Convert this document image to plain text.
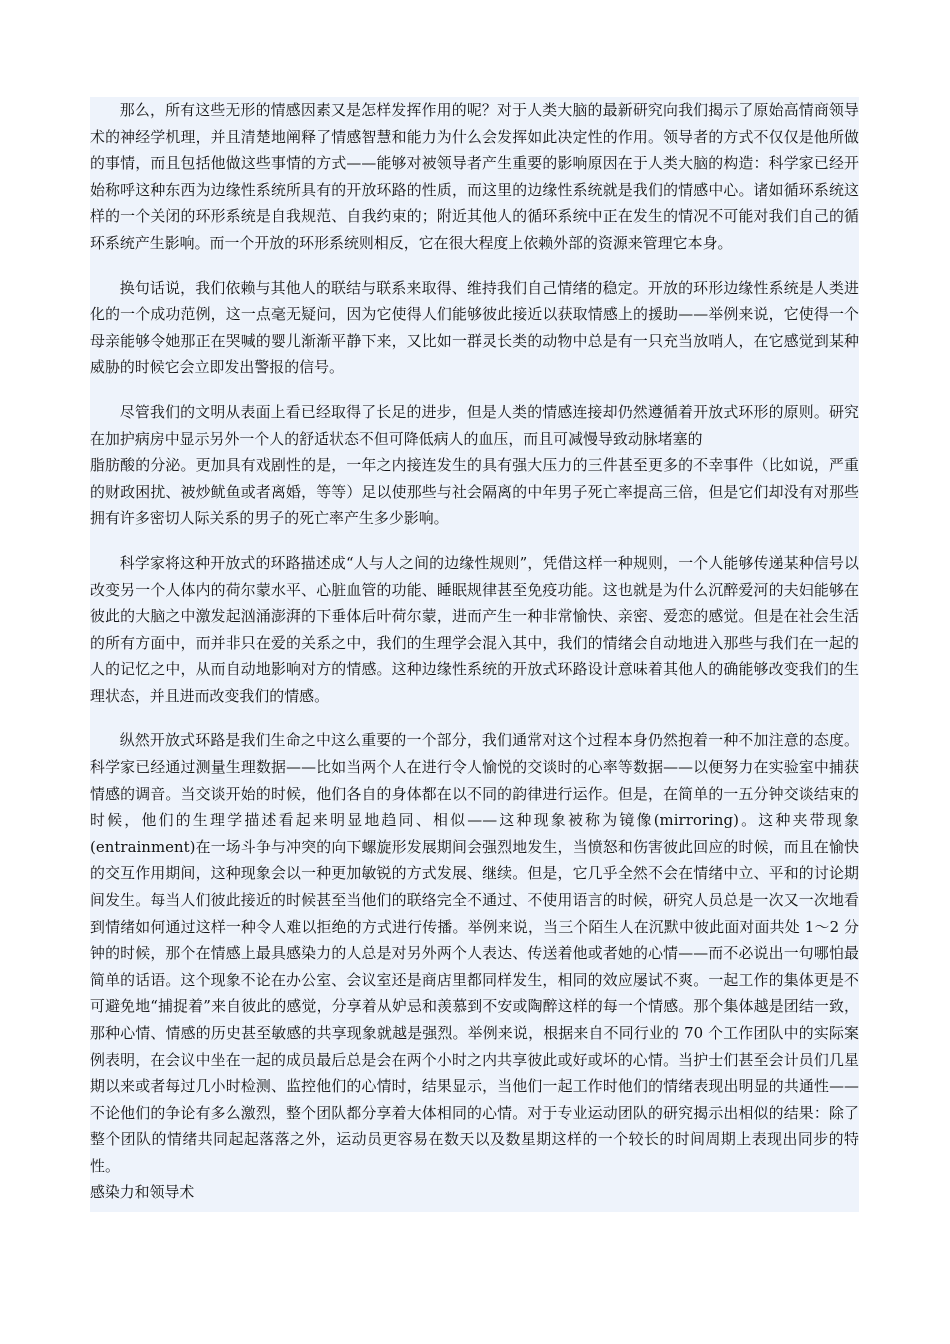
那么，所有这些无形的情感因素又是怎样发挥作用的呢？对于人类大脑的最新研究向我们揭示了原始高情商领导术的神经学机理，并且清楚地阐释了情感智慧和能力为什么会发挥如此决定性的作用。领导者的方式不仅仅是他所做的事情，而且包括他做这些事情的方式——能够对被领导者产生重要的影响原因在于人类大脑的构造：科学家已经开始称呼这种东西为边缘性系统所具有的开放环路的性质，而这里的边缘性系统就是我们的情感中心。诸如循环系统这样的一个关闭的环形系统是自我规范、自我约束的；附近其他人的循环系统中正在发生的情况不可能对我们自己的循环系统产生影响。而一个开放的环形系统则相反，它在很大程度上依赖外部的资源来管理它本身。

换句话说，我们依赖与其他人的联结与联系来取得、维持我们自己情绪的稳定。开放的环形边缘性系统是人类进化的一个成功范例，这一点毫无疑问，因为它使得人们能够彼此接近以获取情感上的援助——举例来说，它使得一个母亲能够令她那正在哭喊的婴儿渐渐平静下来，又比如一群灵长类的动物中总是有一只充当放哨人，在它感觉到某种威胁的时候它会立即发出警报的信号。

尽管我们的文明从表面上看已经取得了长足的进步，但是人类的情感连接却仍然遵循着开放式环形的原则。研究在加护病房中显示另外一个人的舒适状态不但可降低病人的血压，而且可减慢导致动脉堵塞的

脂肪酸的分泌。更加具有戏剧性的是，一年之内接连发生的具有强大压力的三件甚至更多的不幸事件（比如说，严重的财政困扰、被炒鱿鱼或者离婚，等等）足以使那些与社会隔离的中年男子死亡率提高三倍，但是它们却没有对那些拥有许多密切人际关系的男子的死亡率产生多少影响。

科学家将这种开放式的环路描述成“人与人之间的边缘性规则”，凭借这样一种规则，一个人能够传递某种信号以改变另一个人体内的荷尔蒙水平、心脏血管的功能、睡眠规律甚至免疫功能。这也就是为什么沉醉爱河的夫妇能够在彼此的大脑之中激发起汹涌澎湃的下垂体后叶荷尔蒙，进而产生一种非常愉快、亲密、爱恋的感觉。但是在社会生活的所有方面中，而并非只在爱的关系之中，我们的生理学会混入其中，我们的情绪会自动地进入那些与我们在一起的人的记忆之中，从而自动地影响对方的情感。这种边缘性系统的开放式环路设计意味着其他人的确能够改变我们的生理状态，并且进而改变我们的情感。

纵然开放式环路是我们生命之中这么重要的一个部分，我们通常对这个过程本身仍然抱着一种不加注意的态度。科学家已经通过测量生理数据——比如当两个人在进行令人愉悦的交谈时的心率等数据——以便努力在实验室中捕获情感的调音。当交谈开始的时候，他们各自的身体都在以不同的韵律进行运作。但是，在简单的一五分钟交谈结束的时候，他们的生理学描述看起来明显地趋同、相似——这种现象被称为镜像(mirroring)。这种夹带现象(entrainment)在一场斗争与冲突的向下螺旋形发展期间会强烈地发生，当愤怒和伤害彼此回应的时候，而且在愉快的交互作用期间，这种现象会以一种更加敏锐的方式发展、继续。但是，它几乎全然不会在情绪中立、平和的讨论期间发生。每当人们彼此接近的时候甚至当他们的联络完全不通过、不使用语言的时候，研究人员总是一次又一次地看到情绪如何通过这样一种令人难以拒绝的方式进行传播。举例来说，当三个陌生人在沉默中彼此面对面共处 1～2 分钟的时候，那个在情感上最具感染力的人总是对另外两个人表达、传送着他或者她的心情——而不必说出一句哪怕最简单的话语。这个现象不论在办公室、会议室还是商店里都同样发生，相同的效应屡试不爽。一起工作的集体更是不可避免地“捕捉着”来自彼此的感觉，分享着从妒忌和羡慕到不安或陶醉这样的每一个情感。那个集体越是团结一致，那种心情、情感的历史甚至敏感的共享现象就越是强烈。举例来说，根据来自不同行业的 70 个工作团队中的实际案例表明，在会议中坐在一起的成员最后总是会在两个小时之内共享彼此或好或坏的心情。当护士们甚至会计员们几星期以来或者每过几小时检测、监控他们的心情时，结果显示，当他们一起工作时他们的情绪表现出明显的共通性——不论他们的争论有多么激烈，整个团队都分享着大体相同的心情。对于专业运动团队的研究揭示出相似的结果：除了整个团队的情绪共同起起落落之外，运动员更容易在数天以及数星期这样的一个较长的时间周期上表现出同步的特性。

感染力和领导术
